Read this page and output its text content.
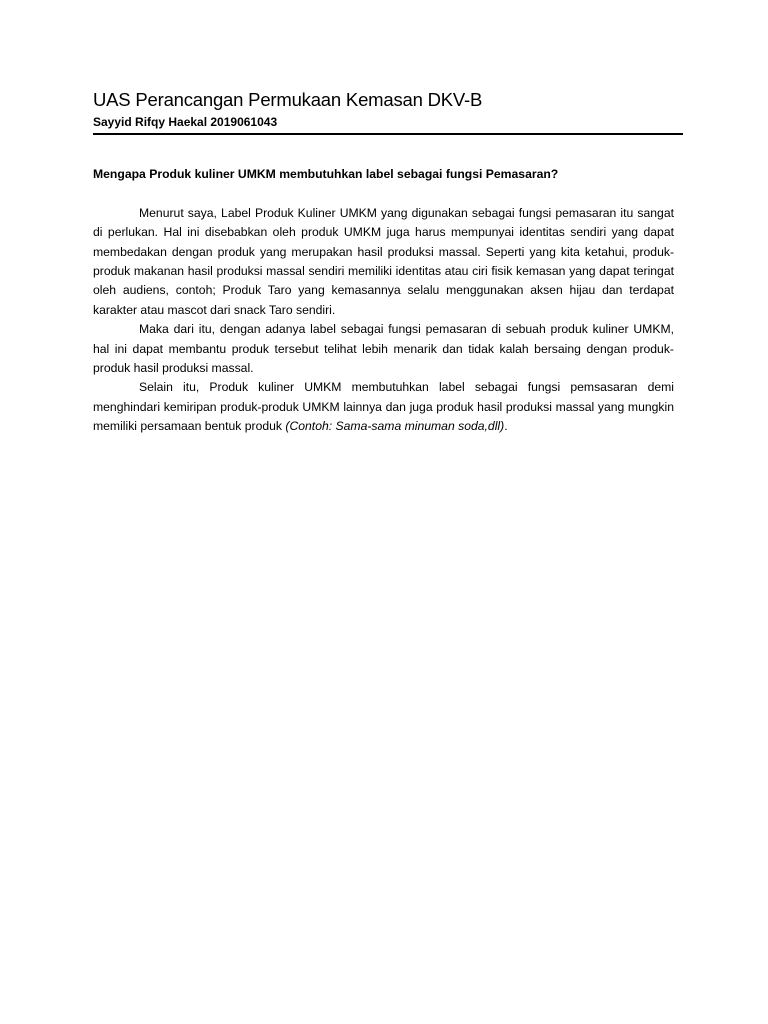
UAS Perancangan Permukaan Kemasan DKV-B
Sayyid Rifqy Haekal 2019061043

Mengapa Produk kuliner UMKM membutuhkan label sebagai fungsi Pemasaran?

Menurut saya, Label Produk Kuliner UMKM yang digunakan sebagai fungsi pemasaran itu sangat di perlukan. Hal ini disebabkan oleh produk UMKM juga harus mempunyai identitas sendiri yang dapat membedakan dengan produk yang merupakan hasil produksi massal. Seperti yang kita ketahui, produk-produk makanan hasil produksi massal sendiri memiliki identitas atau ciri fisik kemasan yang dapat teringat oleh audiens, contoh; Produk Taro yang kemasannya selalu menggunakan aksen hijau dan terdapat karakter atau mascot dari snack Taro sendiri.

Maka dari itu, dengan adanya label sebagai fungsi pemasaran di sebuah produk kuliner UMKM, hal ini dapat membantu produk tersebut telihat lebih menarik dan tidak kalah bersaing dengan produk-produk hasil produksi massal.

Selain itu, Produk kuliner UMKM membutuhkan label sebagai fungsi pemsasaran demi menghindari kemiripan produk-produk UMKM lainnya dan juga produk hasil produksi massal yang mungkin memiliki persamaan bentuk produk (Contoh: Sama-sama minuman soda,dll).
